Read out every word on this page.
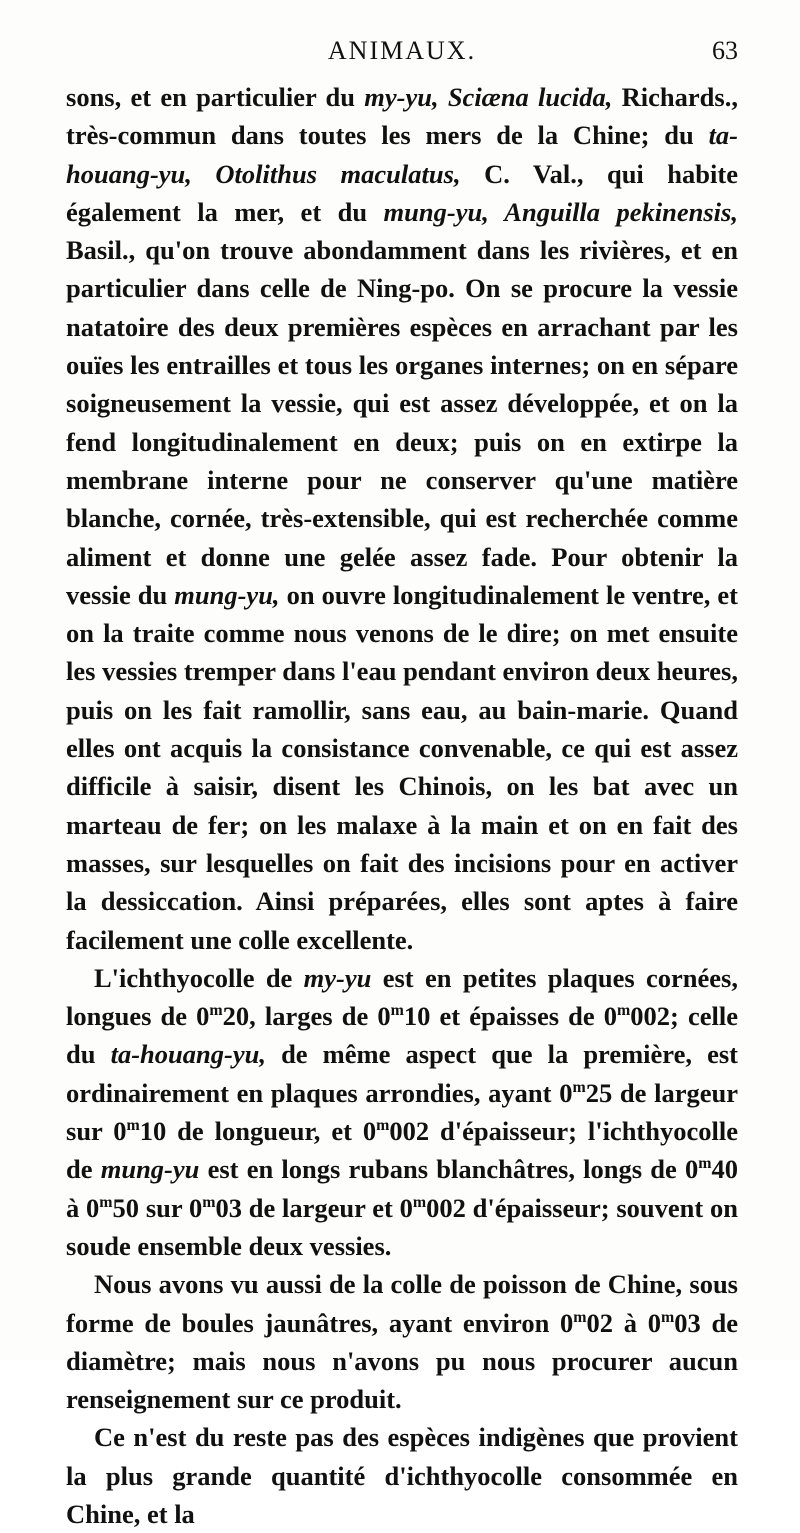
ANIMAUX.	63

sons, et en particulier du my-yu, Sciæna lucida, Richards., très-commun dans toutes les mers de la Chine; du ta-houang-yu, Otolithus maculatus, C. Val., qui habite également la mer, et du mung-yu, Anguilla pekinensis, Basil., qu'on trouve abondamment dans les rivières, et en particulier dans celle de Ning-po. On se procure la vessie natatoire des deux premières espèces en arrachant par les ouïes les entrailles et tous les organes internes; on en sépare soigneusement la vessie, qui est assez développée, et on la fend longitudinalement en deux; puis on en extirpe la membrane interne pour ne conserver qu'une matière blanche, cornée, très-extensible, qui est recherchée comme aliment et donne une gelée assez fade. Pour obtenir la vessie du mung-yu, on ouvre longitudinalement le ventre, et on la traite comme nous venons de le dire; on met ensuite les vessies tremper dans l'eau pendant environ deux heures, puis on les fait ramollir, sans eau, au bain-marie. Quand elles ont acquis la consistance convenable, ce qui est assez difficile à saisir, disent les Chinois, on les bat avec un marteau de fer; on les malaxe à la main et on en fait des masses, sur lesquelles on fait des incisions pour en activer la dessiccation. Ainsi préparées, elles sont aptes à faire facilement une colle excellente.

L'ichthyocolle de my-yu est en petites plaques cornées, longues de 0$^m$20, larges de 0$^m$10 et épaisses de 0$^m$002; celle du ta-houang-yu, de même aspect que la première, est ordinairement en plaques arrondies, ayant 0$^m$25 de largeur sur 0$^m$10 de longueur, et 0$^m$002 d'épaisseur; l'ichthyocolle de mung-yu est en longs rubans blanchâtres, longs de 0$^m$40 à 0$^m$50 sur 0$^m$03 de largeur et 0$^m$002 d'épaisseur; souvent on soude ensemble deux vessies.

Nous avons vu aussi de la colle de poisson de Chine, sous forme de boules jaunâtres, ayant environ 0$^m$02 à 0$^m$03 de diamètre; mais nous n'avons pu nous procurer aucun renseignement sur ce produit.

Ce n'est du reste pas des espèces indigènes que provient la plus grande quantité d'ichthyocolle consommée en Chine, et la
